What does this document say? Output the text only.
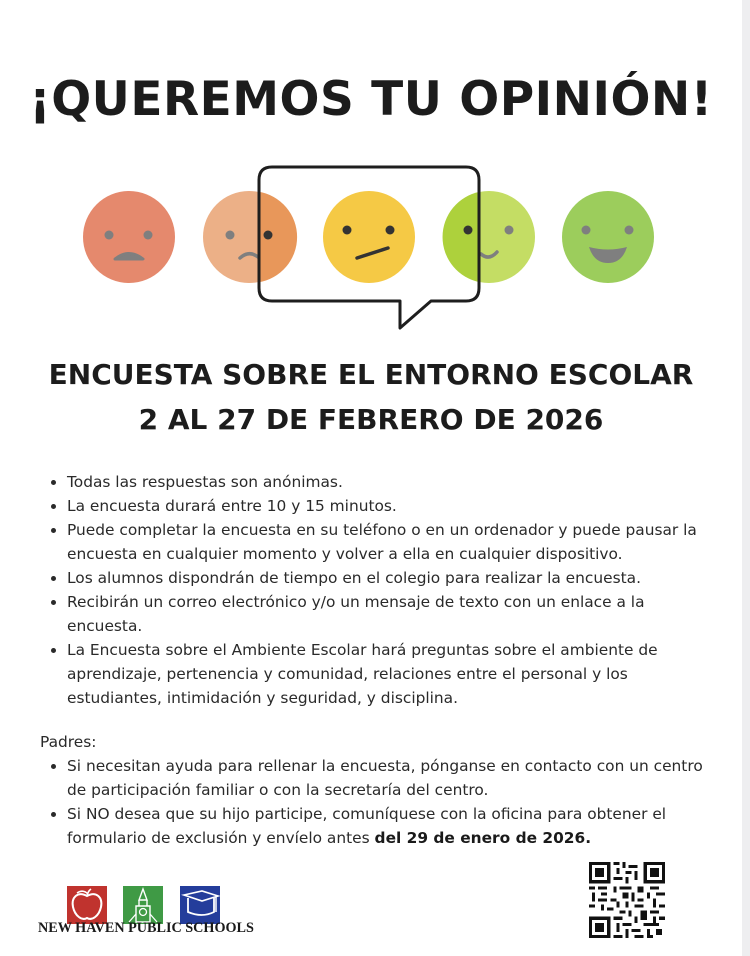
¡QUEREMOS TU OPINIÓN!
ENCUESTA SOBRE EL ENTORNO ESCOLAR
2 AL 27 DE FEBRERO DE 2026
• Todas las respuestas son anónimas.
• La encuesta durará entre 10 y 15 minutos.
• Puede completar la encuesta en su teléfono o en un ordenador y puede pausar la encuesta en cualquier momento y volver a ella en cualquier dispositivo.
• Los alumnos dispondrán de tiempo en el colegio para realizar la encuesta.
• Recibirán un correo electrónico y/o un mensaje de texto con un enlace a la encuesta.
• La Encuesta sobre el Ambiente Escolar hará preguntas sobre el ambiente de aprendizaje, pertenencia y comunidad, relaciones entre el personal y los estudiantes, intimidación y seguridad, y disciplina.

Padres:

• Si necesitan ayuda para rellenar la encuesta, pónganse en contacto con un centro de participación familiar o con la secretaría del centro.
• Si NO desea que su hijo participe, comuníquese con la oficina para obtener el formulario de exclusión y envíelo antes del 29 de enero de 2026.
NEW HAVEN PUBLIC SCHOOLS
